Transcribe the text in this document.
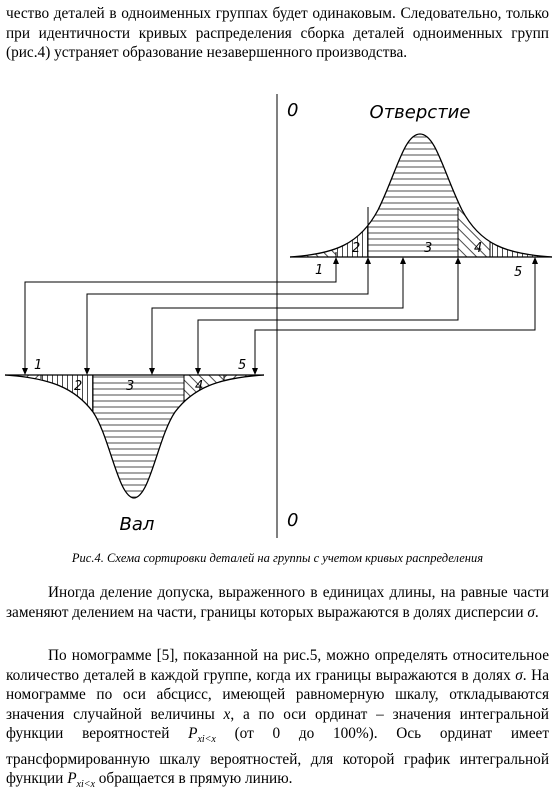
чество деталей в одноименных группах будет одинаковым. Следовательно, только при идентичности кривых распределения сборка деталей одноименных групп (рис.4) устраняет образование незавершенного производства.

Отверстие
1
2	3	4
5
1
2	3	4
5
Вал
0
0
Рис.4. Схема сортировки деталей на группы с учетом кривых распределения

Иногда деление допуска, выраженного в единицах длины, на равные части заменяют делением на части, границы которых выражаются в долях дисперсии σ.

По номограмме [5], показанной на рис.5, можно определять относительное количество деталей в каждой группе, когда их границы выражаются в долях σ. На номограмме по оси абсцисс, имеющей равномерную шкалу, откладываются значения случайной величины x, а по оси ординат – значения интегральной функции вероятностей $P_{xi<x}$ (от 0 до 100%). Ось ординат имеет трансформированную шкалу вероятностей, для которой график интегральной функции $P_{xi<x}$ обращается в прямую линию.
